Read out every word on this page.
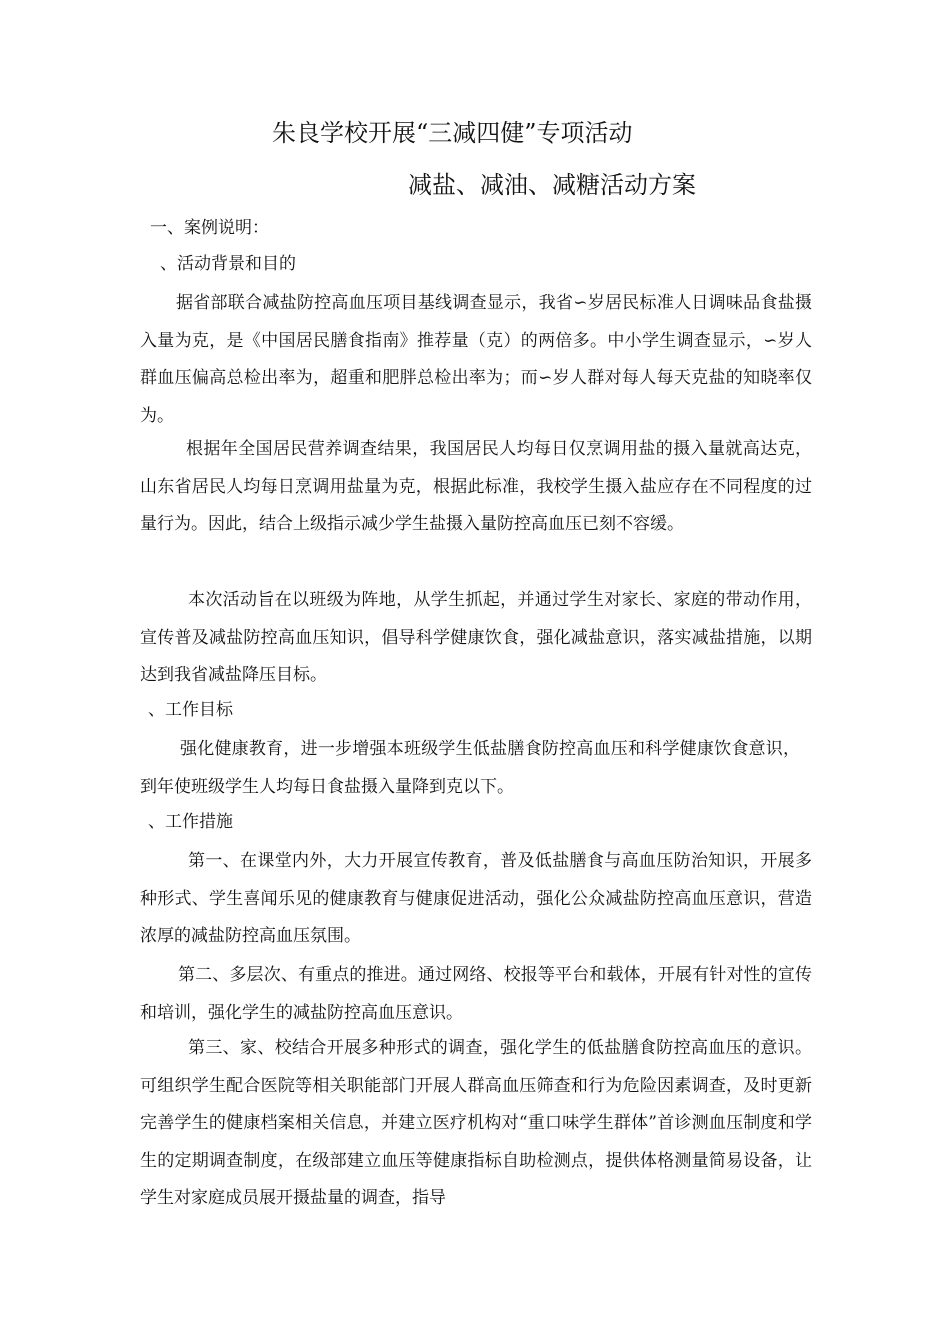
朱良学校开展“三减四健”专项活动
减盐、减油、减糖活动方案
一、案例说明：
、活动背景和目的

据省部联合减盐防控高血压项目基线调查显示，我省∽岁居民标准人日调味品食盐摄入量为克，是《中国居民膳食指南》推荐量（克）的两倍多。中小学生调查显示，∽岁人群血压偏高总检出率为，超重和肥胖总检出率为；而∽岁人群对每人每天克盐的知晓率仅为。

根据年全国居民营养调查结果，我国居民人均每日仅烹调用盐的摄入量就高达克，山东省居民人均每日烹调用盐量为克，根据此标准，我校学生摄入盐应存在不同程度的过量行为。因此，结合上级指示减少学生盐摄入量防控高血压已刻不容缓。

本次活动旨在以班级为阵地，从学生抓起，并通过学生对家长、家庭的带动作用，宣传普及减盐防控高血压知识，倡导科学健康饮食，强化减盐意识，落实减盐措施，以期达到我省减盐降压目标。

、工作目标

强化健康教育，进一步增强本班级学生低盐膳食防控高血压和科学健康饮食意识，到年使班级学生人均每日食盐摄入量降到克以下。

、工作措施

第一、在课堂内外，大力开展宣传教育，普及低盐膳食与高血压防治知识，开展多种形式、学生喜闻乐见的健康教育与健康促进活动，强化公众减盐防控高血压意识，营造浓厚的减盐防控高血压氛围。

第二、多层次、有重点的推进。通过网络、校报等平台和载体，开展有针对性的宣传和培训，强化学生的减盐防控高血压意识。

第三、家、校结合开展多种形式的调查，强化学生的低盐膳食防控高血压的意识。可组织学生配合医院等相关职能部门开展人群高血压筛查和行为危险因素调查，及时更新完善学生的健康档案相关信息，并建立医疗机构对“重口味学生群体”首诊测血压制度和学生的定期调查制度，在级部建立血压等健康指标自助检测点，提供体格测量简易设备，让学生对家庭成员展开摄盐量的调查，指导
